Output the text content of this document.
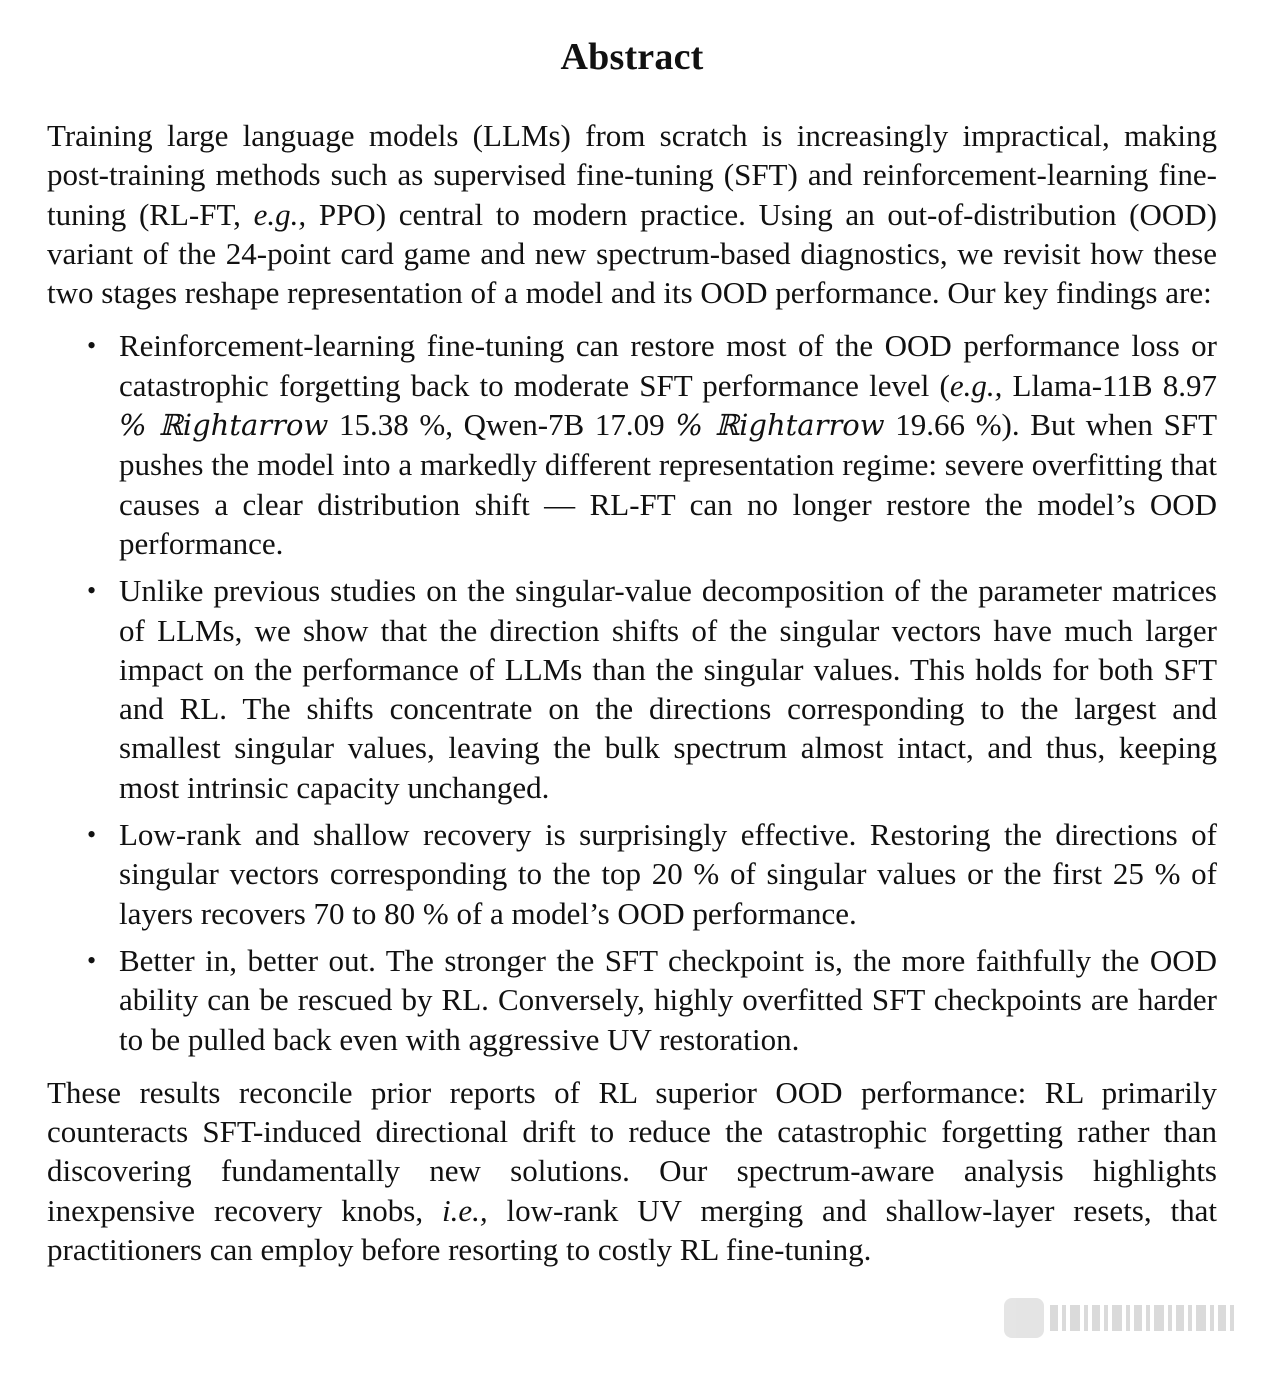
Abstract

Training large language models (LLMs) from scratch is increasingly impractical, making post-training methods such as supervised fine-tuning (SFT) and reinforcement-learning fine-tuning (RL-FT, e.g., PPO) central to modern practice. Using an out-of-distribution (OOD) variant of the 24-point card game and new spectrum-based diagnostics, we revisit how these two stages reshape representation of a model and its OOD performance. Our key findings are:

• Reinforcement-learning fine-tuning can restore most of the OOD performance loss or catastrophic forgetting back to moderate SFT performance level (e.g., Llama-11B 8.97 % ℝightarrow 15.38 %, Qwen-7B 17.09 % ℝightarrow 19.66 %). But when SFT pushes the model into a markedly different representation regime: severe overfitting that causes a clear distribution shift — RL-FT can no longer restore the model’s OOD performance.
• Unlike previous studies on the singular-value decomposition of the parameter matrices of LLMs, we show that the direction shifts of the singular vectors have much larger impact on the performance of LLMs than the singular values. This holds for both SFT and RL. The shifts concentrate on the directions corresponding to the largest and smallest singular values, leaving the bulk spectrum almost intact, and thus, keeping most intrinsic capacity unchanged.
• Low-rank and shallow recovery is surprisingly effective. Restoring the directions of singular vectors corresponding to the top 20 % of singular values or the first 25 % of layers recovers 70 to 80 % of a model’s OOD performance.
• Better in, better out. The stronger the SFT checkpoint is, the more faithfully the OOD ability can be rescued by RL. Conversely, highly overfitted SFT checkpoints are harder to be pulled back even with aggressive UV restoration.

These results reconcile prior reports of RL superior OOD performance: RL primarily counteracts SFT-induced directional drift to reduce the catastrophic forgetting rather than discovering fundamentally new solutions. Our spectrum-aware analysis highlights inexpensive recovery knobs, i.e., low-rank UV merging and shallow-layer resets, that practitioners can employ before resorting to costly RL fine-tuning.
